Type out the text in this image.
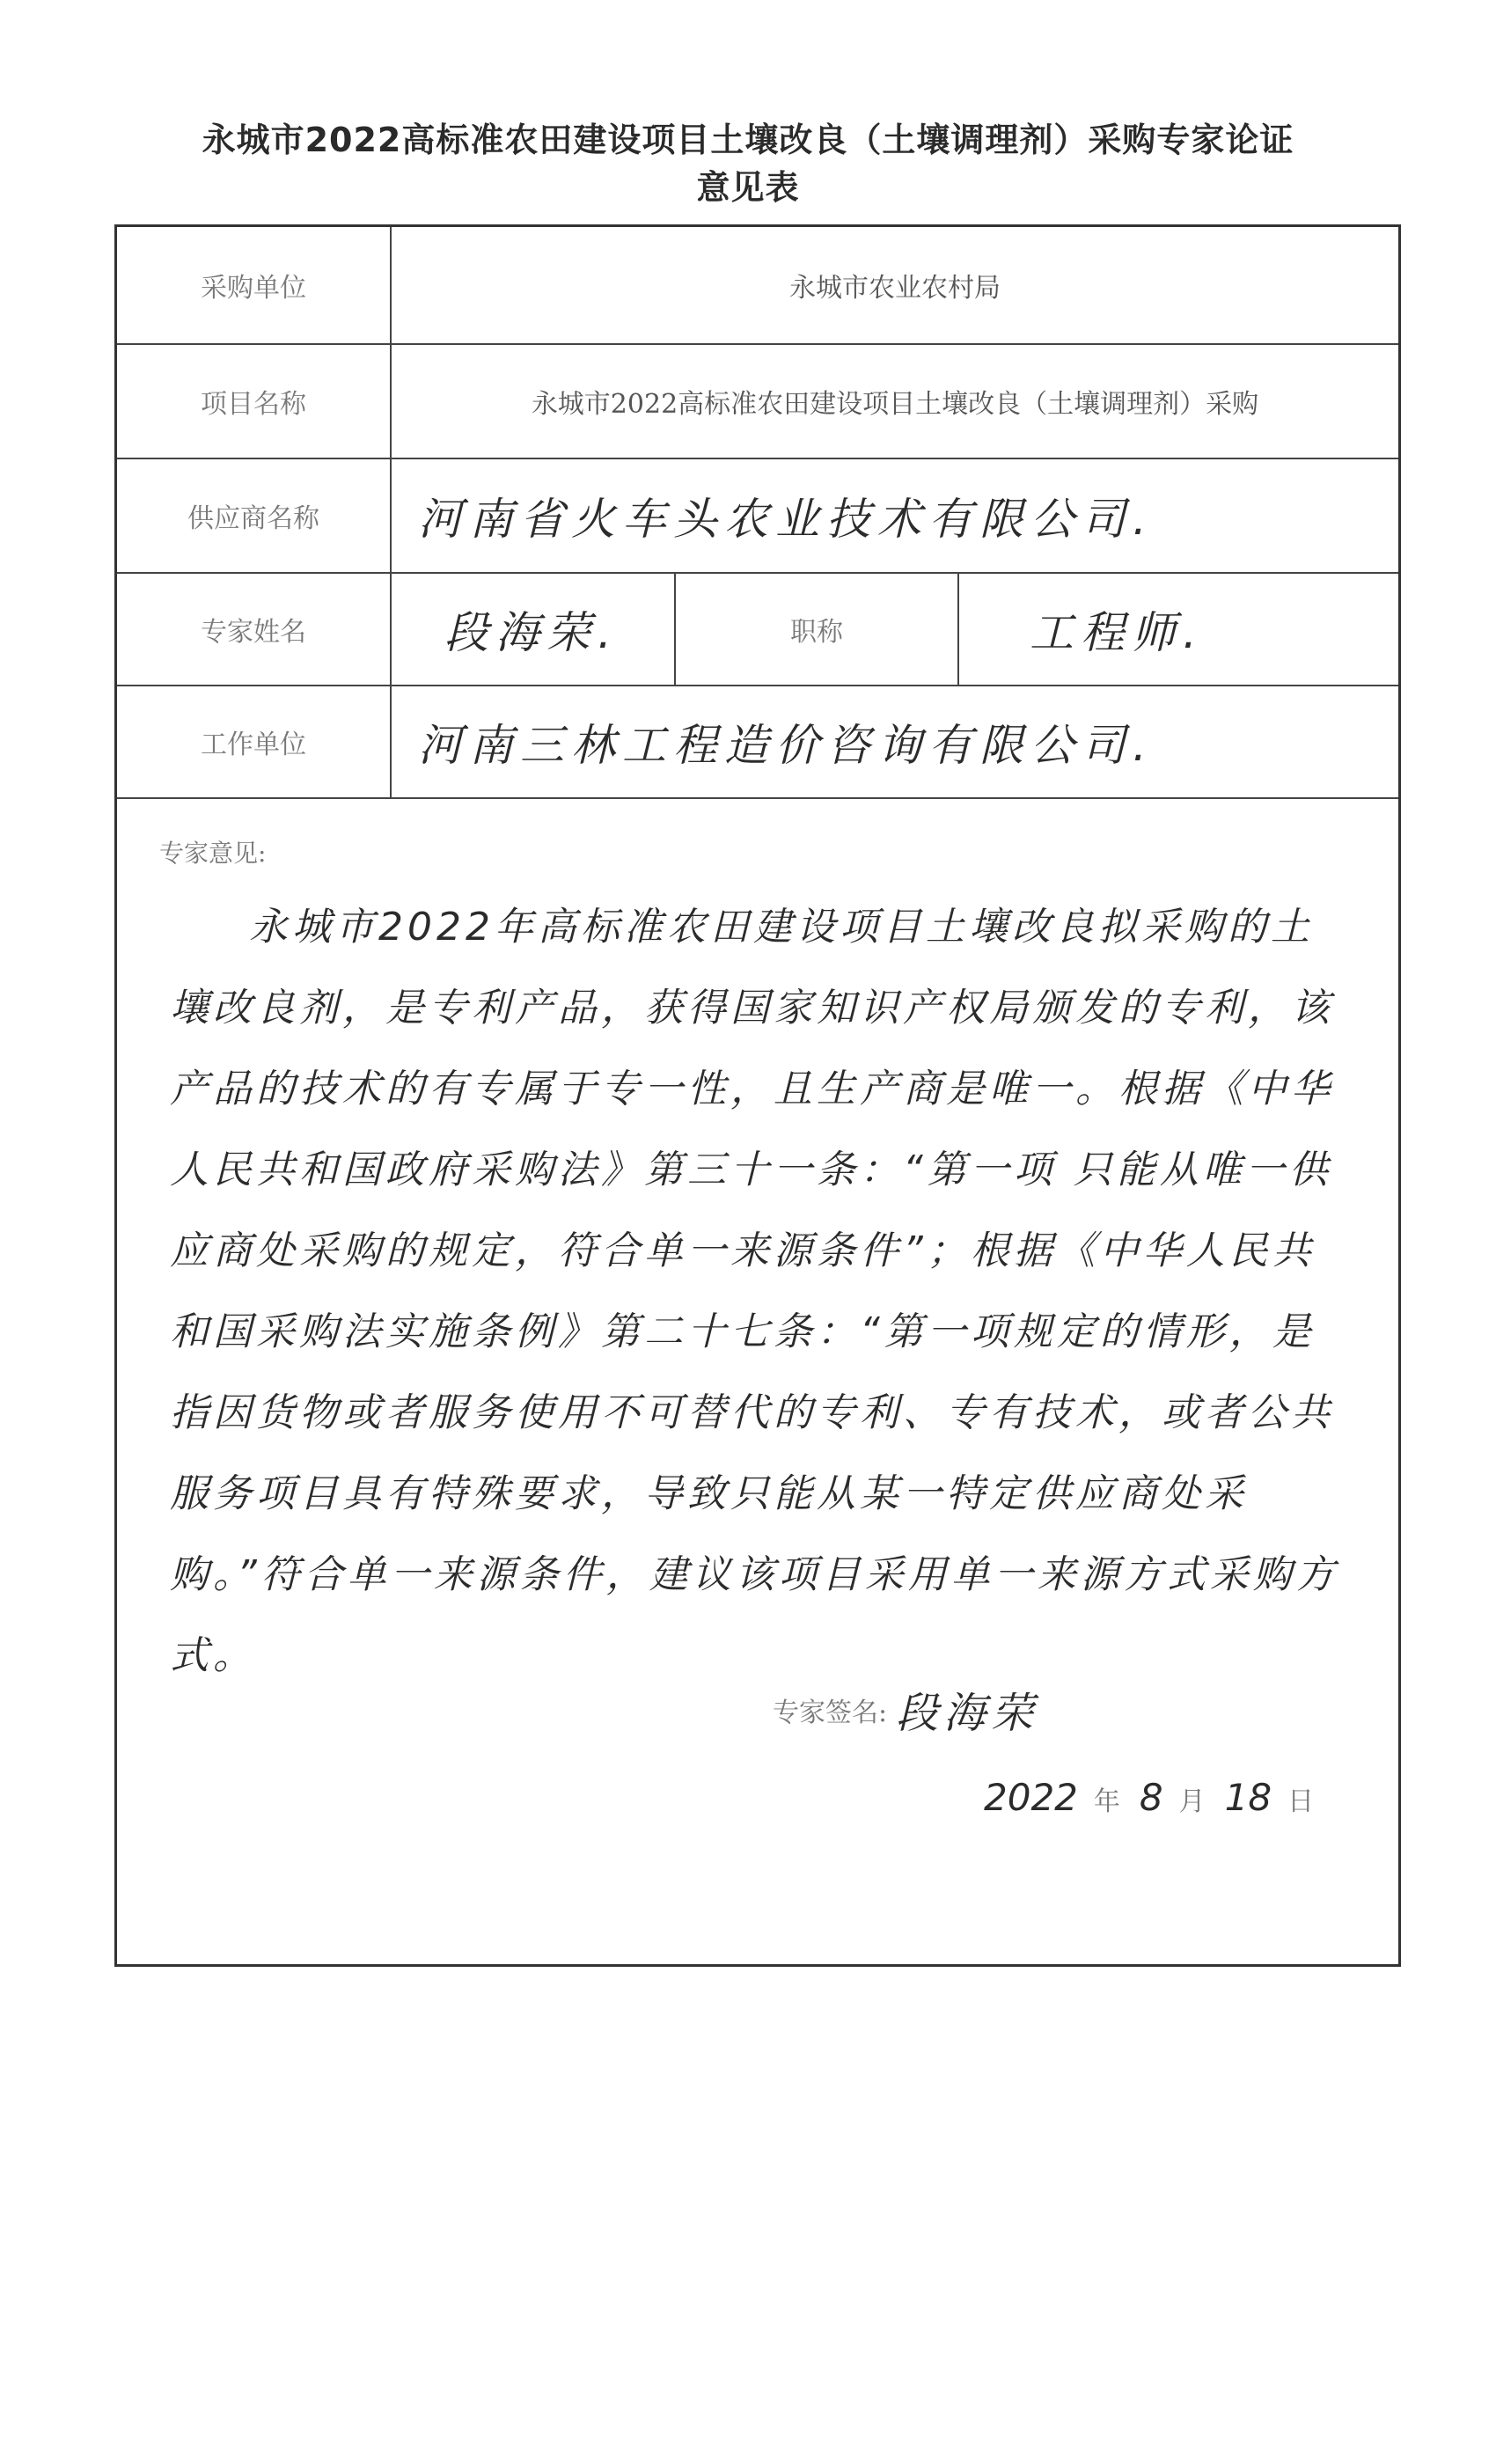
永城市2022高标准农田建设项目土壤改良（土壤调理剂）采购专家论证
意见表
采购单位	永城市农业农村局
项目名称	永城市2022高标准农田建设项目土壤改良（土壤调理剂）采购
供应商名称	河南省火车头农业技术有限公司.
专家姓名	段海荣.	职称	工程师.
工作单位	河南三林工程造价咨询有限公司.
专家意见:
永城市2022年高标准农田建设项目土壤改良拟采购的土壤改良剂，是专利产品，获得国家知识产权局颁发的专利，该产品的技术的有专属于专一性，且生产商是唯一。根据《中华人民共和国政府采购法》第三十一条：“第一项 只能从唯一供应商处采购的规定，符合单一来源条件”；根据《中华人民共和国采购法实施条例》第二十七条：“第一项规定的情形，是指因货物或者服务使用不可替代的专利、专有技术，或者公共服务项目具有特殊要求，导致只能从某一特定供应商处采购。”符合单一来源条件，建议该项目采用单一来源方式采购方式。
专家签名: 段海荣
2022 年 8 月 18 日
